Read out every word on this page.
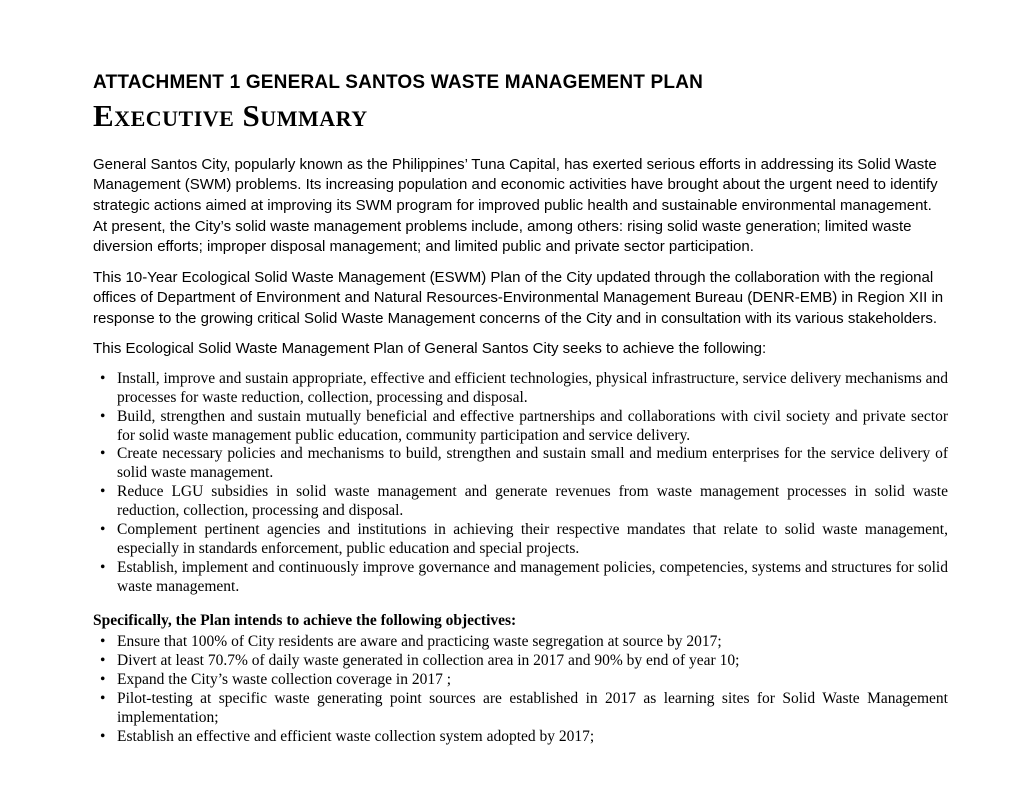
ATTACHMENT 1 GENERAL SANTOS WASTE MANAGEMENT PLAN
Executive Summary

General Santos City, popularly known as the Philippines’ Tuna Capital, has exerted serious efforts in addressing its Solid Waste Management (SWM) problems. Its increasing population and economic activities have brought about the urgent need to identify strategic actions aimed at improving its SWM program for improved public health and sustainable environmental management. At present, the City’s solid waste management problems include, among others: rising solid waste generation; limited waste diversion efforts; improper disposal management; and limited public and private sector participation.

This 10-Year Ecological Solid Waste Management (ESWM) Plan of the City updated through the collaboration with the regional offices of Department of Environment and Natural Resources-Environmental Management Bureau (DENR-EMB) in Region XII in response to the growing critical Solid Waste Management concerns of the City and in consultation with its various stakeholders.

This Ecological Solid Waste Management Plan of General Santos City seeks to achieve the following:

• Install, improve and sustain appropriate, effective and efficient technologies, physical infrastructure, service delivery mechanisms and processes for waste reduction, collection, processing and disposal.
• Build, strengthen and sustain mutually beneficial and effective partnerships and collaborations with civil society and private sector for solid waste management public education, community participation and service delivery.
• Create necessary policies and mechanisms to build, strengthen and sustain small and medium enterprises for the service delivery of solid waste management.
• Reduce LGU subsidies in solid waste management and generate revenues from waste management processes in solid waste reduction, collection, processing and disposal.
• Complement pertinent agencies and institutions in achieving their respective mandates that relate to solid waste management, especially in standards enforcement, public education and special projects.
• Establish, implement and continuously improve governance and management policies, competencies, systems and structures for solid waste management.

Specifically, the Plan intends to achieve the following objectives:

• Ensure that 100% of City residents are aware and practicing waste segregation at source by 2017;
• Divert at least 70.7% of daily waste generated in collection area in 2017 and 90% by end of year 10;
• Expand the City’s waste collection coverage in 2017 ;
• Pilot-testing at specific waste generating point sources are established in 2017 as learning sites for Solid Waste Management implementation;
• Establish an effective and efficient waste collection system adopted by 2017;
